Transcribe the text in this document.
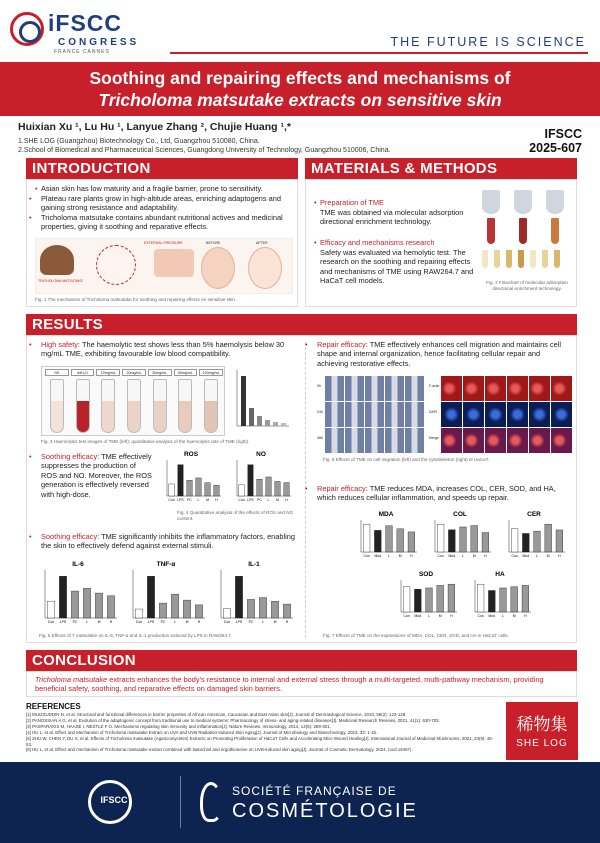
iFSCC
CONGRESS
FRANCE CANNES
THE FUTURE IS SCIENCE
Soothing and repairing effects and mechanisms of
Tricholoma matsutake extracts on sensitive skin
Huixian Xu ¹, Lu Hu ¹, Lanyue Zhang ², Chujie Huang ¹,*
1.SHE LOG (Guangzhou) Biotechnology Co., Ltd, Guangzhou 510080, China.
2.School of Biomedical and Pharmaceutical Sciences, Guangdong University of Technology, Guangzhou 510006, China.
IFSCC
2025-607
INTRODUCTION
• Asian skin has low maturity and a fragile barrier, prone to sensitivity.
• Plateau rare plants grow in high-altitude areas, enriching adaptogens and gaining strong resistance and adaptability.
• Tricholoma matsutake contains abundant nutritional actives and medicinal properties, giving it soothing and reparative effects.
TRICHOLOMA MATSUTAKE
EXTERNAL PRESSURE	BEFORE	AFTER
Fig. 1 The mechanism of Tricholoma matsutake for soothing and repairing effects on sensitive skin.
MATERIALS & METHODS
• Preparation of TME
TME was obtained via molecular adsorption directional enrichment technology.
• Efficacy and mechanisms research
Safety was evaluated via hemolytic test. The research on the soothing and repairing effects and mechanisms of TME using RAW264.7 and HaCaT cell models.	Fig. 2 Flowchart of molecular adsorption directional enrichment technology.
RESULTS
• High safety: The haemolytic test shows less than 5% haemolysis below 30 mg/mL TME, exhibiting favourable low blood compatibility.
NS	ddH₂O	10mg/mL	20mg/mL	30mg/mL	50mg/mL	100mg/mL
Fig. 3 Haemolysis test images of TME (left); quantitative analysis of the haemolysis rate of TME (right).
• Soothing efficacy: TME effectively suppresses the production of ROS and NO. Moreover, the ROS generation is effectively reversed with high-dose.
ROS
Con LPS PC L M H
NO
Con LPS PC L M H
Fig. 4 Quantitative analysis of the effects of ROS and NO content.
• Soothing efficacy: TME significantly inhibits the inflammatory factors, enabling the skin to effectively defend against external stimuli.
IL-6
Con LPS PC	L	M	H
TNF-α
Con LPS PC	L	M	H
IL-1
Con LPS PC	L	M	H
Fig. 5 Effects of T matsutake on IL-6, TNF-α and IL-1 production induced by LPS in RAW264.7.
• Repair efficacy: TME effectively enhances cell migration and maintains cell shape and internal organization, hence facilitating cellular repair and achieving restorative effects.
0h
24h
48h
F-actin
DAPI
Merge
Fig. 6 Effects of TME on cell migration (left) and the cytoskeleton (right) of HaCaT.
• Repair efficacy: TME reduces MDA, increases COL, CER, SOD, and HA, which reduces cellular inflammation, and speeds up repair.
MDA
Con Mod L	M	H
COL
Con Mod L	M	H
CER
Con Mod L	M	H
SOD
Con Mod L	M	H
HA
Con Mod L	M	H
Fig. 7 Effects of TME on the expressions of MDA, COL, CER, SOD, and HA in HaCaT cells.
CONCLUSION
Tricholoma matsutake extracts enhances the body's resistance to internal and external stress through a multi-targeted, multi-pathway mechanism, providing beneficial safety, soothing, and reparative effects on damaged skin barriers.
REFERENCES
[1] MUIZZUDDIN N, et al. Structural and functional differences in barrier properties of African American, Caucasian and East Asian skin[J]. Journal of Dermatological Science, 2010, 59(2): 123-128.
[2] PANOSSIAN A G, et al. Evolution of the adaptogenic concept from traditional use to medical systems: Pharmacology of stress- and aging-related diseases[J]. Medicinal Research Reviews, 2021, 41(1): 630-703.
[3] PASPARAKIS M, HAASE I, NESTLE F O. Mechanisms regulating skin immunity and inflammation[J]. Nature Reviews. Immunology, 2014, 14(5): 289-301.
[4] HU L, et al. Effect and Mechanism of Tricholoma matsutake Extract on UVA and UVB Radiation-Induced Skin Aging[J]. Journal of Microbiology and Biotechnology, 2023, 33: 1-15.
[5] ZHU W, CHEN Y, DU X, et al. Effects of Tricholoma matsutake (Agaricomycetes) Extracts on Promoting Proliferation of HaCaT Cells and Accelerating Mice Wound Healing[J]. International Journal of Medicinal Mushrooms, 2021, 23(9): 45-53.
[6] HU L, et al. Effect and mechanism of Tricholoma matsutake extract combined with bakuchiol and ergothioneine on UVB-induced skin aging[J]. Journal of Cosmetic Dermatology, 2024, (ocd.16457).
稀物集
SHE LOG
IFSCC
SOCIÉTÉ FRANÇAISE DE
COSMÉTOLOGIE
